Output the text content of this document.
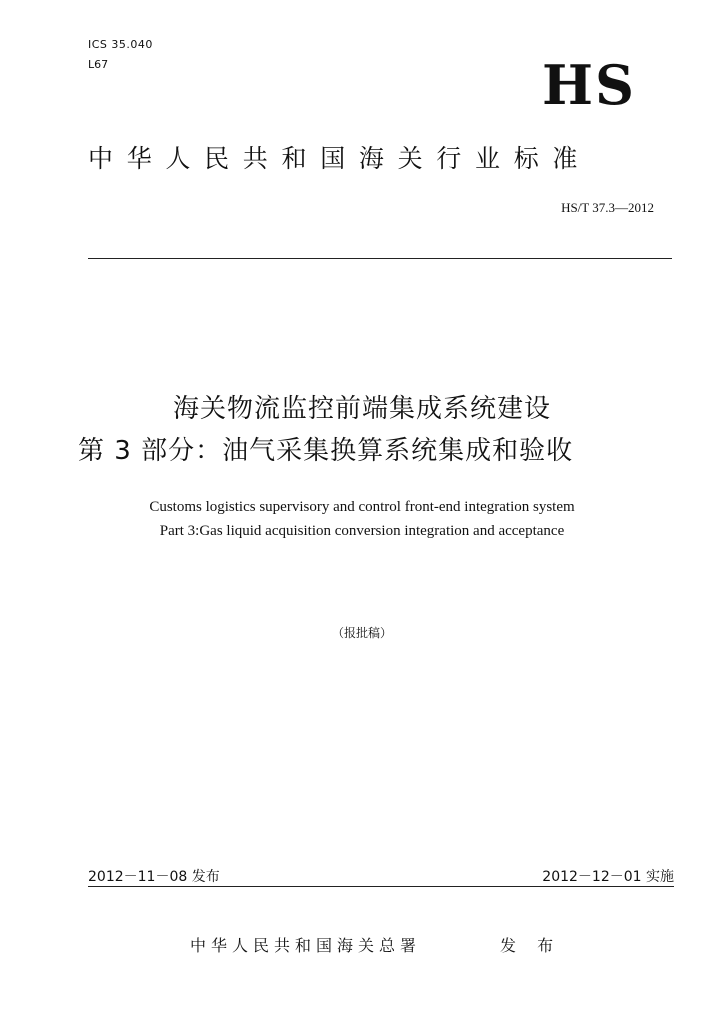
ICS 35.040
L67	HS
中华人民共和国海关行业标准
HS/T 37.3—2012
海关物流监控前端集成系统建设
第 3 部分：油气采集换算系统集成和验收
Customs logistics supervisory and control front-end integration system
Part 3:Gas liquid acquisition conversion integration and acceptance
（报批稿）
2012－11－08 发布	2012－12－01 实施
中华人民共和国海关总署	发 布
